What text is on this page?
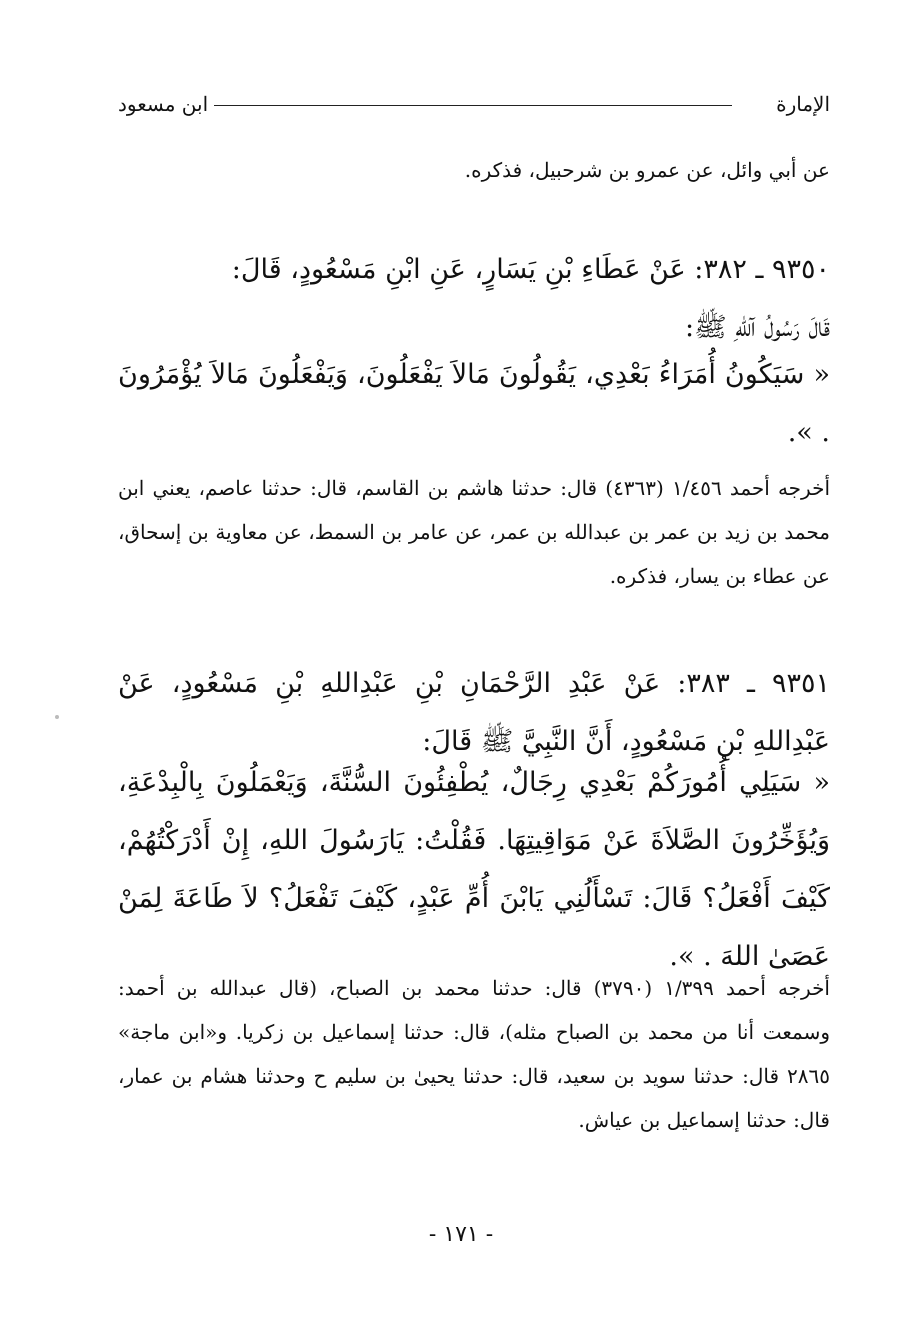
الإمارة
ابن مسعود
عن أبي وائل، عن عمرو بن شرحبيل، فذكره.
٩٣٥٠ ـ ٣٨٢: عَنْ عَطَاءِ بْنِ يَسَارٍ، عَنِ ابْنِ مَسْعُودٍ، قَالَ:
قَالَ رَسُولُ آللهِ ﷺ:
« سَيَكُونُ أُمَرَاءُ بَعْدِي، يَقُولُونَ مَالاَ يَفْعَلُونَ، وَيَفْعَلُونَ مَالاَ يُؤْمَرُونَ . ».
أخرجه أحمد ١/٤٥٦ (٤٣٦٣) قال: حدثنا هاشم بن القاسم، قال: حدثنا عاصم، يعني ابن محمد بن زيد بن عمر بن عبدالله بن عمر، عن عامر بن السمط، عن معاوية بن إسحاق، عن عطاء بن يسار، فذكره.
٩٣٥١ ـ ٣٨٣: عَنْ عَبْدِ الرَّحْمَانِ بْنِ عَبْدِاللهِ بْنِ مَسْعُودٍ، عَنْ عَبْدِاللهِ بْنِ مَسْعُودٍ، أَنَّ النَّبِيَّ ﷺ قَالَ:
« سَيَلِي أُمُورَكُمْ بَعْدِي رِجَالٌ، يُطْفِئُونَ السُّنَّةَ، وَيَعْمَلُونَ بِالْبِدْعَةِ، وَيُؤَخِّرُونَ الصَّلاَةَ عَنْ مَوَاقِيتِهَا. فَقُلْتُ: يَارَسُولَ اللهِ، إِنْ أَدْرَكْتُهُمْ، كَيْفَ أَفْعَلُ؟ قَالَ: تَسْأَلُنِي يَابْنَ أُمِّ عَبْدٍ، كَيْفَ تَفْعَلُ؟ لاَ طَاعَةَ لِمَنْ عَصَىٰ اللهَ . ».
أخرجه أحمد ١/٣٩٩ (٣٧٩٠) قال: حدثنا محمد بن الصباح، (قال عبدالله بن أحمد: وسمعت أنا من محمد بن الصباح مثله)، قال: حدثنا إسماعيل بن زكريا. و«ابن ماجة» ٢٨٦٥ قال: حدثنا سويد بن سعيد، قال: حدثنا يحيىٰ بن سليم ح وحدثنا هشام بن عمار، قال: حدثنا إسماعيل بن عياش.
- ١٧١ -
